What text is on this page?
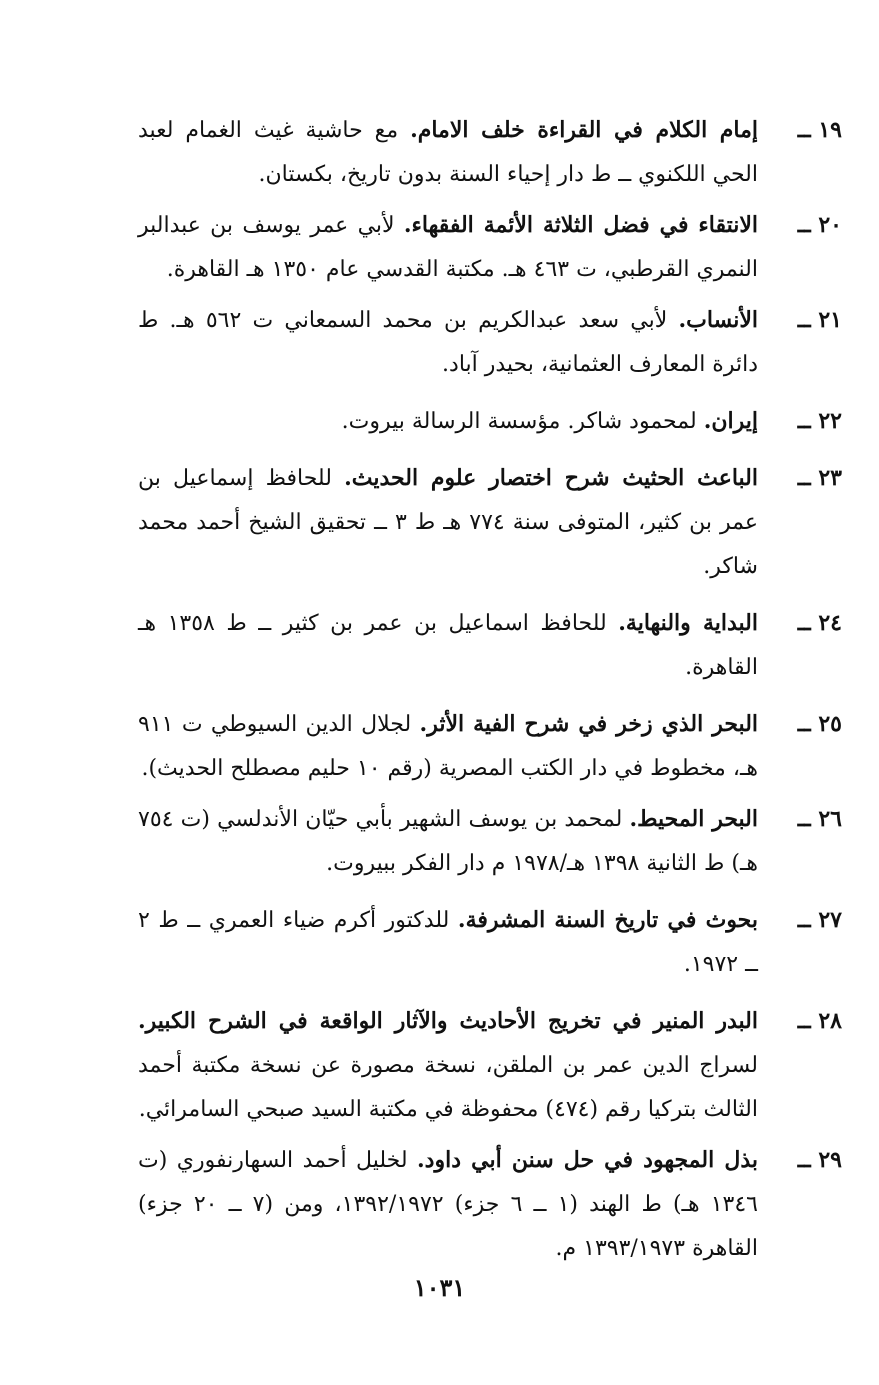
١٩ ــ
إمام الكلام في القراءة خلف الامام. مع حاشية غيث الغمام لعبد الحي اللكنوي ــ ط دار إحياء السنة بدون تاريخ، بكستان.
٢٠ ــ
الانتقاء في فضل الثلاثة الأئمة الفقهاء. لأبي عمر يوسف بن عبدالبر النمري القرطبي، ت ٤٦٣ هـ. مكتبة القدسي عام ١٣٥٠ هـ القاهرة.
٢١ ــ
الأنساب. لأبي سعد عبدالكريم بن محمد السمعاني ت ٥٦٢ هـ. ط دائرة المعارف العثمانية، بحيدر آباد.
٢٢ ــ
إيران. لمحمود شاكر. مؤسسة الرسالة بيروت.
٢٣ ــ
الباعث الحثيث شرح اختصار علوم الحديث. للحافظ إسماعيل بن عمر بن كثير، المتوفى سنة ٧٧٤ هـ ط ٣ ــ تحقيق الشيخ أحمد محمد شاكر.
٢٤ ــ
البداية والنهاية. للحافظ اسماعيل بن عمر بن كثير ــ ط ١٣٥٨ هـ القاهرة.
٢٥ ــ
البحر الذي زخر في شرح الفية الأثر. لجلال الدين السيوطي ت ٩١١ هـ، مخطوط في دار الكتب المصرية (رقم ١٠ حليم مصطلح الحديث).
٢٦ ــ
البحر المحيط. لمحمد بن يوسف الشهير بأبي حيّان الأندلسي (ت ٧٥٤ هـ) ط الثانية ١٣٩٨ هـ/١٩٧٨ م دار الفكر ببيروت.
٢٧ ــ
بحوث في تاريخ السنة المشرفة. للدكتور أكرم ضياء العمري ــ ط ٢ ــ ١٩٧٢.
٢٨ ــ
البدر المنير في تخريج الأحاديث والآثار الواقعة في الشرح الكبير. لسراج الدين عمر بن الملقن، نسخة مصورة عن نسخة مكتبة أحمد الثالث بتركيا رقم (٤٧٤) محفوظة في مكتبة السيد صبحي السامرائي.
٢٩ ــ
بذل المجهود في حل سنن أبي داود. لخليل أحمد السهارنفوري (ت ١٣٤٦ هـ) ط الهند (١ ــ ٦ جزء) ١٣٩٢/١٩٧٢، ومن (٧ ــ ٢٠ جزء) القاهرة ١٣٩٣/١٩٧٣ م.
١٠٣١
